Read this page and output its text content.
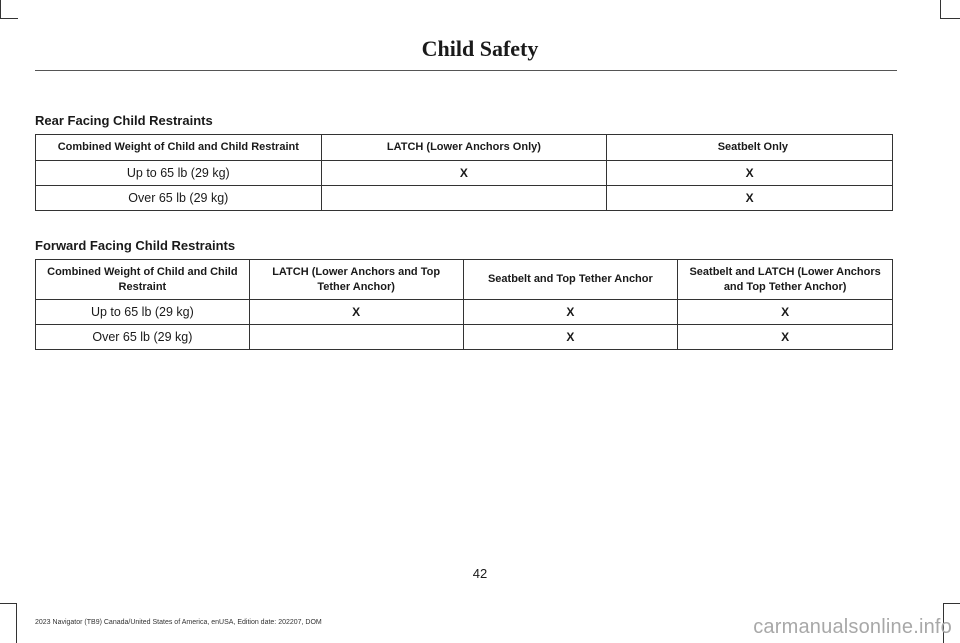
Child Safety
Rear Facing Child Restraints
Combined Weight of Child and Child Restraint	LATCH (Lower Anchors Only)	Seatbelt Only
Up to 65 lb (29 kg)	X	X
Over 65 lb (29 kg)		X
Forward Facing Child Restraints
Combined Weight of Child and Child Restraint	LATCH (Lower Anchors and Top Tether Anchor)	Seatbelt and Top Tether Anchor	Seatbelt and LATCH (Lower Anchors and Top Tether Anchor)
Up to 65 lb (29 kg)	X	X	X
Over 65 lb (29 kg)		X	X
42
2023 Navigator (TB9) Canada/United States of America, enUSA, Edition date: 202207, DOM	carmanualsonline.info
